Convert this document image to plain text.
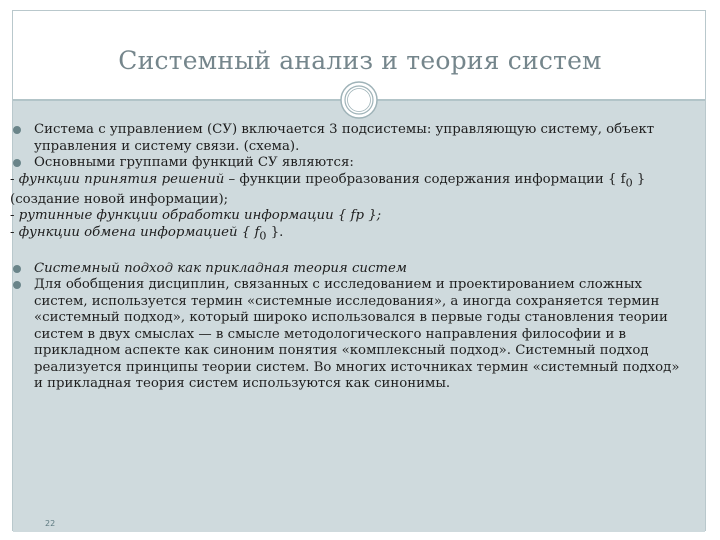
Системный анализ и теория систем
22
Система с управлением (СУ) включается 3 подсистемы: управляющую систему, объект управления и систему связи. (схема).
Основными группами функций СУ являются:

- функции принятия решений – функции преобразования содержания информации { $f_0$ } (создание новой информации);

- рутинные функции обработки информации { fp };

- функции обмена информацией { $f_0$ }.

Системный подход как прикладная теория систем
Для обобщения дисциплин, связанных с исследованием и проектированием сложных систем, используется термин «системные исследования», а иногда сохраняется термин «системный подход», который широко использовался в первые годы становления теории систем в двух смыслах — в смысле методологического направления философии и в прикладном аспекте как синоним понятия «комплексный подход». Системный подход реализуется принципы теории систем. Во многих источниках термин «системный подход» и прикладная теория систем используются как синонимы.
